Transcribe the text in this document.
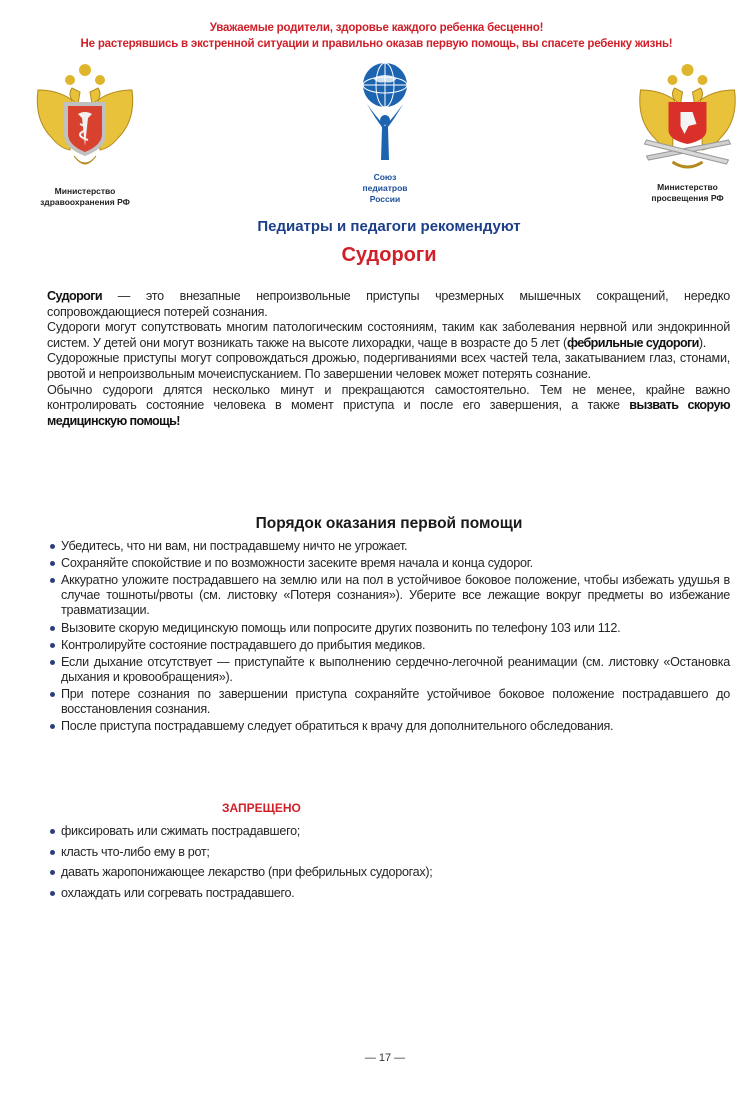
Уважаемые родители, здоровье каждого ребенка бесценно!
Не растерявшись в экстренной ситуации и правильно оказав первую помощь, вы спасете ребенку жизнь!
Министерство
здравоохранения РФ
Союз
педиатров
России
Министерство
просвещения РФ
Педиатры и педагоги рекомендуют
Судороги

Судороги — это внезапные непроизвольные приступы чрезмерных мышечных сокращений, нередко сопровождающиеся потерей сознания.

Судороги могут сопутствовать многим патологическим состояниям, таким как заболевания нервной или эндокринной систем. У детей они могут возникать также на высоте лихорадки, чаще в возрасте до 5 лет (фебрильные судороги).

Судорожные приступы могут сопровождаться дрожью, подергиваниями всех частей тела, закатыванием глаз, стонами, рвотой и непроизвольным мочеиспусканием. По завершении человек может потерять сознание.

Обычно судороги длятся несколько минут и прекращаются самостоятельно. Тем не менее, крайне важно контролировать состояние человека в момент приступа и после его завершения, а также вызвать скорую медицинскую помощь!

Порядок оказания первой помощи
Убедитесь, что ни вам, ни пострадавшему ничто не угрожает.
Сохраняйте спокойствие и по возможности засеките время начала и конца судорог.
Аккуратно уложите пострадавшего на землю или на пол в устойчивое боковое положение, чтобы избежать удушья в случае тошноты/рвоты (см. листовку «Потеря сознания»). Уберите все лежащие вокруг предметы во избежание травматизации.
Вызовите скорую медицинскую помощь или попросите других позвонить по телефону 103 или 112.
Контролируйте состояние пострадавшего до прибытия медиков.
Если дыхание отсутствует — приступайте к выполнению сердечно-легочной реанимации (см. листовку «Остановка дыхания и кровообращения»).
При потере сознания по завершении приступа сохраняйте устойчивое боковое положение пострадавшего до восстановления сознания.
После приступа пострадавшему следует обратиться к врачу для дополнительного обследования.
ЗАПРЕЩЕНО
фиксировать или сжимать пострадавшего;
класть что-либо ему в рот;
давать жаропонижающее лекарство (при фебрильных судорогах);
охлаждать или согревать пострадавшего.
— 17 —
